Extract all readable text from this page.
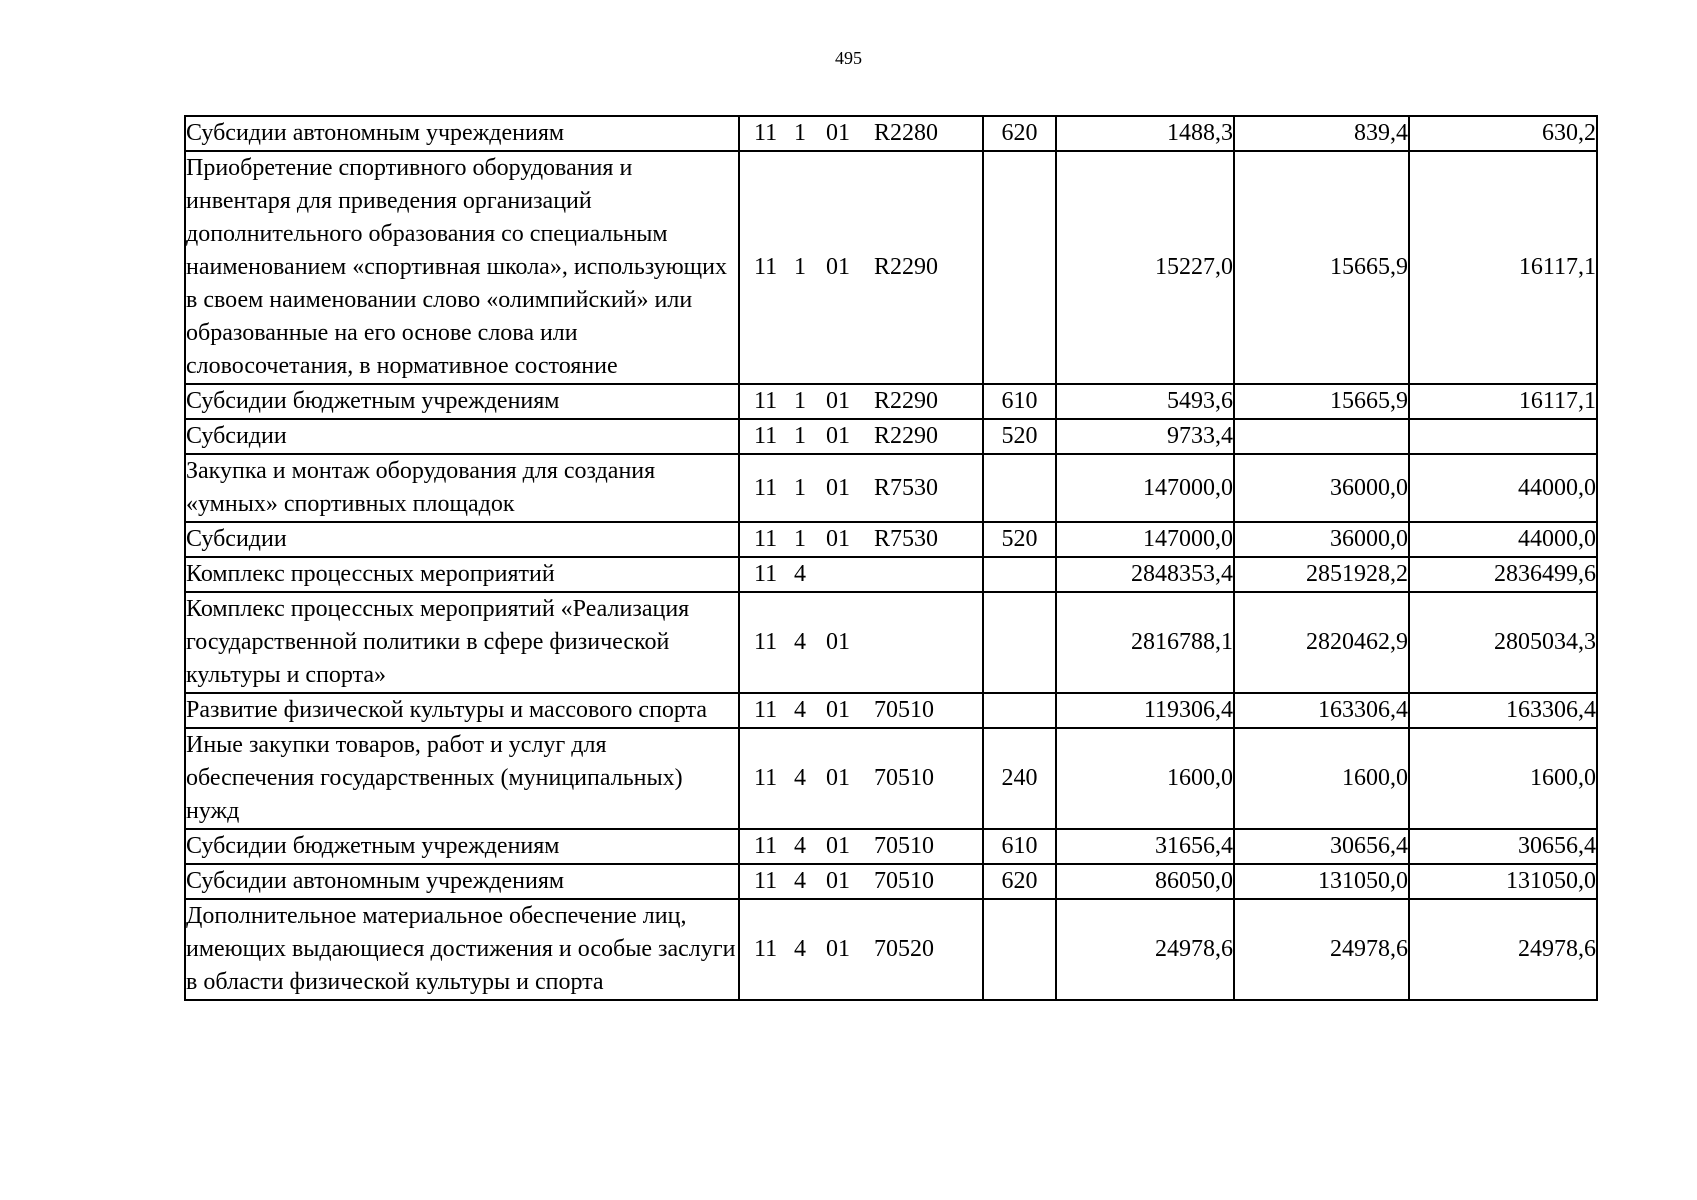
495
Субсидии автономным учреждениям	11 1 01 R2280	620	1488,3	839,4	630,2
Приобретение спортивного оборудования и инвентаря для приведения организаций дополнительного образования со специальным наименованием «спортивная школа», использующих в своем наименовании слово «олимпийский» или образованные на его основе слова или словосочетания, в нормативное состояние	11 1 01 R2290		15227,0	15665,9	16117,1
Субсидии бюджетным учреждениям	11 1 01 R2290	610	5493,6	15665,9	16117,1
Субсидии	11 1 01 R2290	520	9733,4		
Закупка и монтаж оборудования для создания «умных» спортивных площадок	11 1 01 R7530		147000,0	36000,0	44000,0
Субсидии	11 1 01 R7530	520	147000,0	36000,0	44000,0
Комплекс процессных мероприятий	11 4		2848353,4	2851928,2	2836499,6
Комплекс процессных мероприятий «Реализация государственной политики в сфере физической культуры и спорта»	11 4 01		2816788,1	2820462,9	2805034,3
Развитие физической культуры и массового спорта	11 4 01 70510		119306,4	163306,4	163306,4
Иные закупки товаров, работ и услуг для обеспечения государственных (муниципальных) нужд	11 4 01 70510	240	1600,0	1600,0	1600,0
Субсидии бюджетным учреждениям	11 4 01 70510	610	31656,4	30656,4	30656,4
Субсидии автономным учреждениям	11 4 01 70510	620	86050,0	131050,0	131050,0
Дополнительное материальное обеспечение лиц, имеющих выдающиеся достижения и особые заслуги в области физической культуры и спорта	11 4 01 70520		24978,6	24978,6	24978,6
